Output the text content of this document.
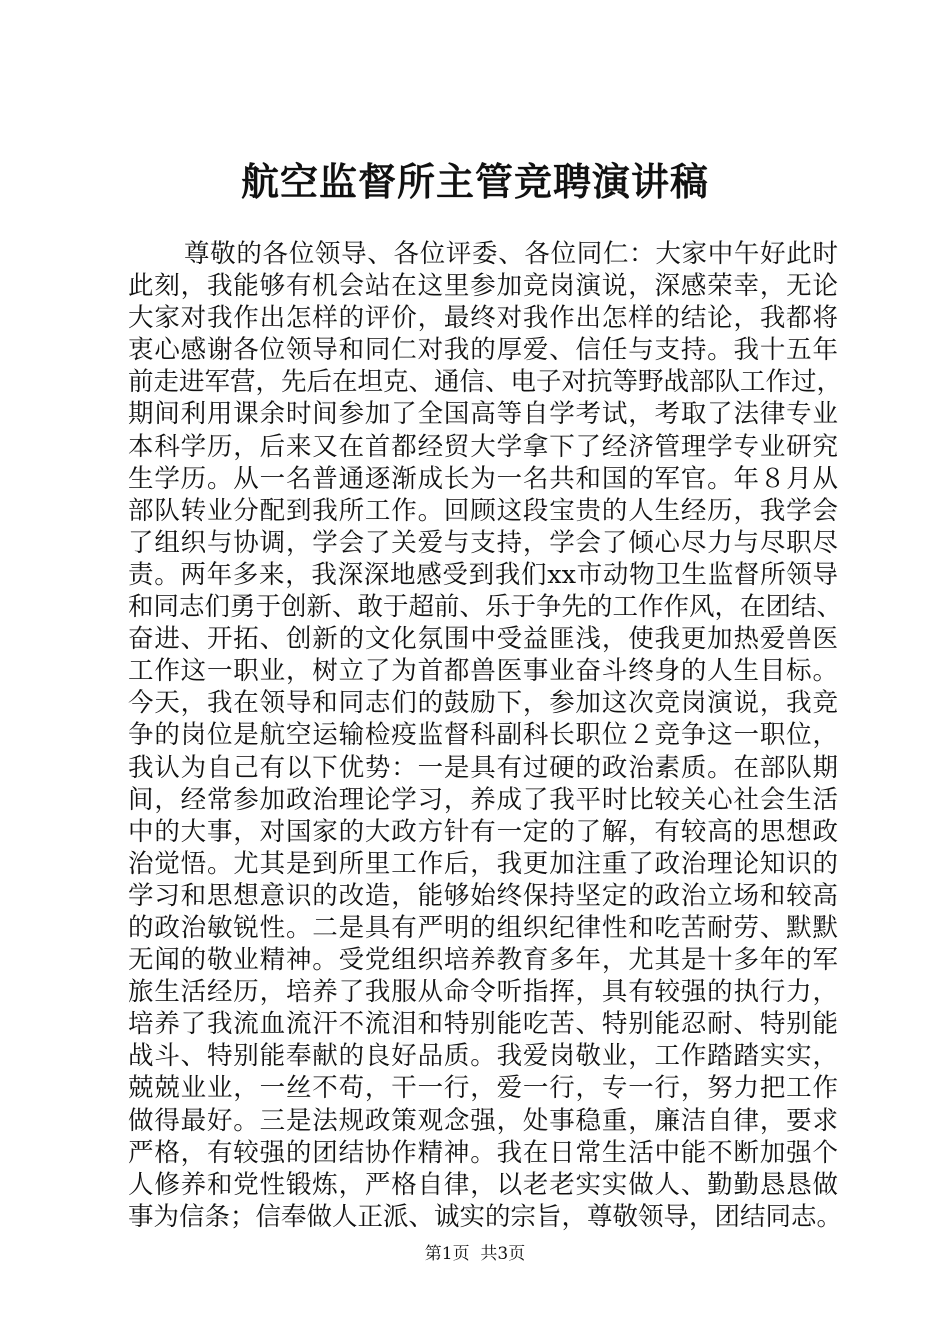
航空监督所主管竞聘演讲稿
尊敬的各位领导、各位评委、各位同仁：大家中午好此时
此刻，我能够有机会站在这里参加竞岗演说，深感荣幸，无论
大家对我作出怎样的评价，最终对我作出怎样的结论，我都将
衷心感谢各位领导和同仁对我的厚爱、信任与支持。我十五年
前走进军营，先后在坦克、通信、电子对抗等野战部队工作过，
期间利用课余时间参加了全国高等自学考试，考取了法律专业
本科学历，后来又在首都经贸大学拿下了经济管理学专业研究
生学历。从一名普通逐渐成长为一名共和国的军官。年８月从
部队转业分配到我所工作。回顾这段宝贵的人生经历，我学会
了组织与协调，学会了关爱与支持，学会了倾心尽力与尽职尽
责。两年多来，我深深地感受到我们xx市动物卫生监督所领导
和同志们勇于创新、敢于超前、乐于争先的工作作风，在团结、
奋进、开拓、创新的文化氛围中受益匪浅，使我更加热爱兽医
工作这一职业，树立了为首都兽医事业奋斗终身的人生目标。
今天，我在领导和同志们的鼓励下，参加这次竞岗演说，我竞
争的岗位是航空运输检疫监督科副科长职位２竞争这一职位，
我认为自己有以下优势：一是具有过硬的政治素质。在部队期
间，经常参加政治理论学习，养成了我平时比较关心社会生活
中的大事，对国家的大政方针有一定的了解，有较高的思想政
治觉悟。尤其是到所里工作后，我更加注重了政治理论知识的
学习和思想意识的改造，能够始终保持坚定的政治立场和较高
的政治敏锐性。二是具有严明的组织纪律性和吃苦耐劳、默默
无闻的敬业精神。受党组织培养教育多年，尤其是十多年的军
旅生活经历，培养了我服从命令听指挥，具有较强的执行力，
培养了我流血流汗不流泪和特别能吃苦、特别能忍耐、特别能
战斗、特别能奉献的良好品质。我爱岗敬业，工作踏踏实实，
兢兢业业，一丝不苟，干一行，爱一行，专一行，努力把工作
做得最好。三是法规政策观念强，处事稳重，廉洁自律，要求
严格，有较强的团结协作精神。我在日常生活中能不断加强个
人修养和党性锻炼，严格自律，以老老实实做人、勤勤恳恳做
事为信条；信奉做人正派、诚实的宗旨，尊敬领导，团结同志。
第1页  共3页
